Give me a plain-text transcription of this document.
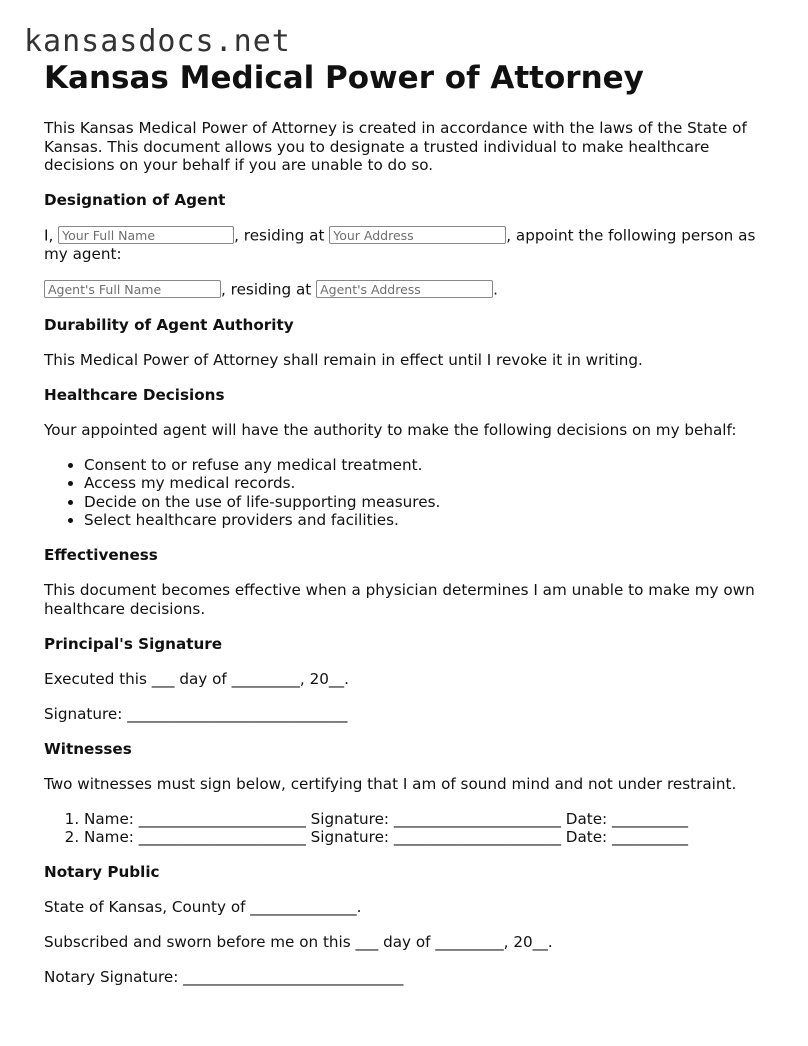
kansasdocs.net
Kansas Medical Power of Attorney

This Kansas Medical Power of Attorney is created in accordance with the laws of the State of Kansas. This document allows you to designate a trusted individual to make healthcare decisions on your behalf if you are unable to do so.

Designation of Agent

I, Your Full Name	, residing at Your Address	, appoint the following person as my agent:

Agent's Full Name, residing at Agent's Address	.

Durability of Agent Authority

This Medical Power of Attorney shall remain in effect until I revoke it in writing.

Healthcare Decisions

Your appointed agent will have the authority to make the following decisions on my behalf:

• Consent to or refuse any medical treatment.
• Access my medical records.
• Decide on the use of life-supporting measures.
• Select healthcare providers and facilities.
Effectiveness

This document becomes effective when a physician determines I am unable to make my own healthcare decisions.

Principal's Signature

Executed this ___ day of _________, 20__.

Signature: _____________________________

Witnesses

Two witnesses must sign below, certifying that I am of sound mind and not under restraint.

1. Name: ______________________ Signature: ______________________ Date: __________
2. Name: ______________________ Signature: ______________________ Date: __________
Notary Public

State of Kansas, County of ______________.

Subscribed and sworn before me on this ___ day of _________, 20__.

Notary Signature: _____________________________
